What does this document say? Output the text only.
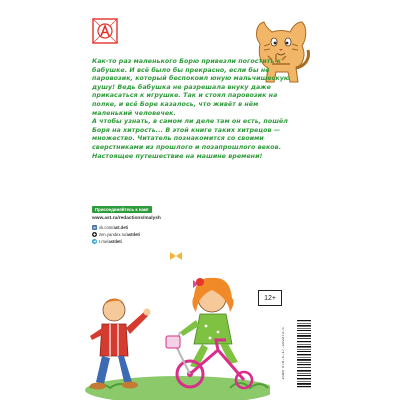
Как-то раз маленького Борю привезли погостить к бабушке. И всё было бы прекрасно, если бы не паровозик, который беспокоил юную мальчишескую душу! Ведь бабушка не разрешала внуку даже прикасаться к игрушке. Так и стоял паровозик на полке, и всё Боре казалось, что живёт в нём маленький человечек.

А чтобы узнать, в самом ли деле там он есть, пошёл Боря на хитрость... В этой книге таких хитрецов — множество. Читатель познакомится со своими сверстниками из прошлого и позапрошлого веков.

Настоящее путешествие на машине времени!

Присоединяйтесь к нам!
www.ast.ru/redactions/malysh
vk vk.com/ ast.deti
zen.yandex.ru/ astdeti
t.me/ astdeti
12+
ISBN 978-5-17-159373-5
